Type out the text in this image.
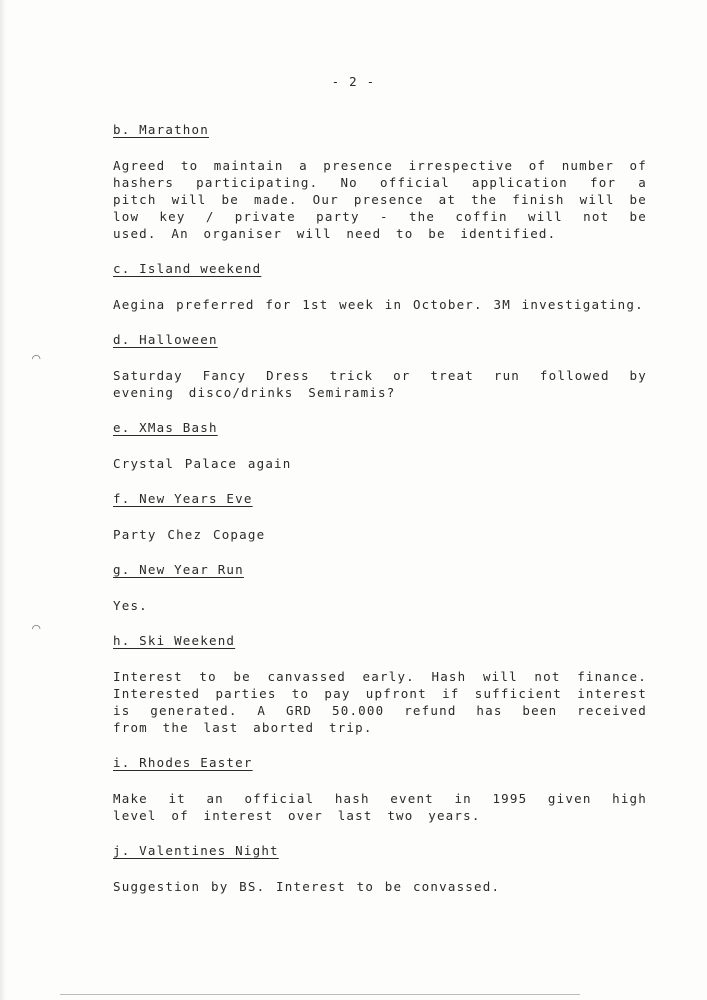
- 2 -
b. Marathon

Agreed to maintain a presence irrespective of number of hashers participating. No official application for a pitch will be made. Our presence at the finish will be low key / private party - the coffin will not be used. An organiser will need to be identified.

c. Island weekend

Aegina preferred for 1st week in October. 3M investigating.

d. Halloween

Saturday Fancy Dress trick or treat run followed by evening disco/drinks Semiramis?

e. XMas Bash

Crystal Palace again

f. New Years Eve

Party Chez Copage

g. New Year Run

Yes.

h. Ski Weekend

Interest to be canvassed early. Hash will not finance. Interested parties to pay upfront if sufficient interest is generated. A GRD 50.000 refund has been received from the last aborted trip.

i. Rhodes Easter

Make it an official hash event in 1995 given high level of interest over last two years.

j. Valentines Night

Suggestion by BS. Interest to be convassed.

⌒
⌒
